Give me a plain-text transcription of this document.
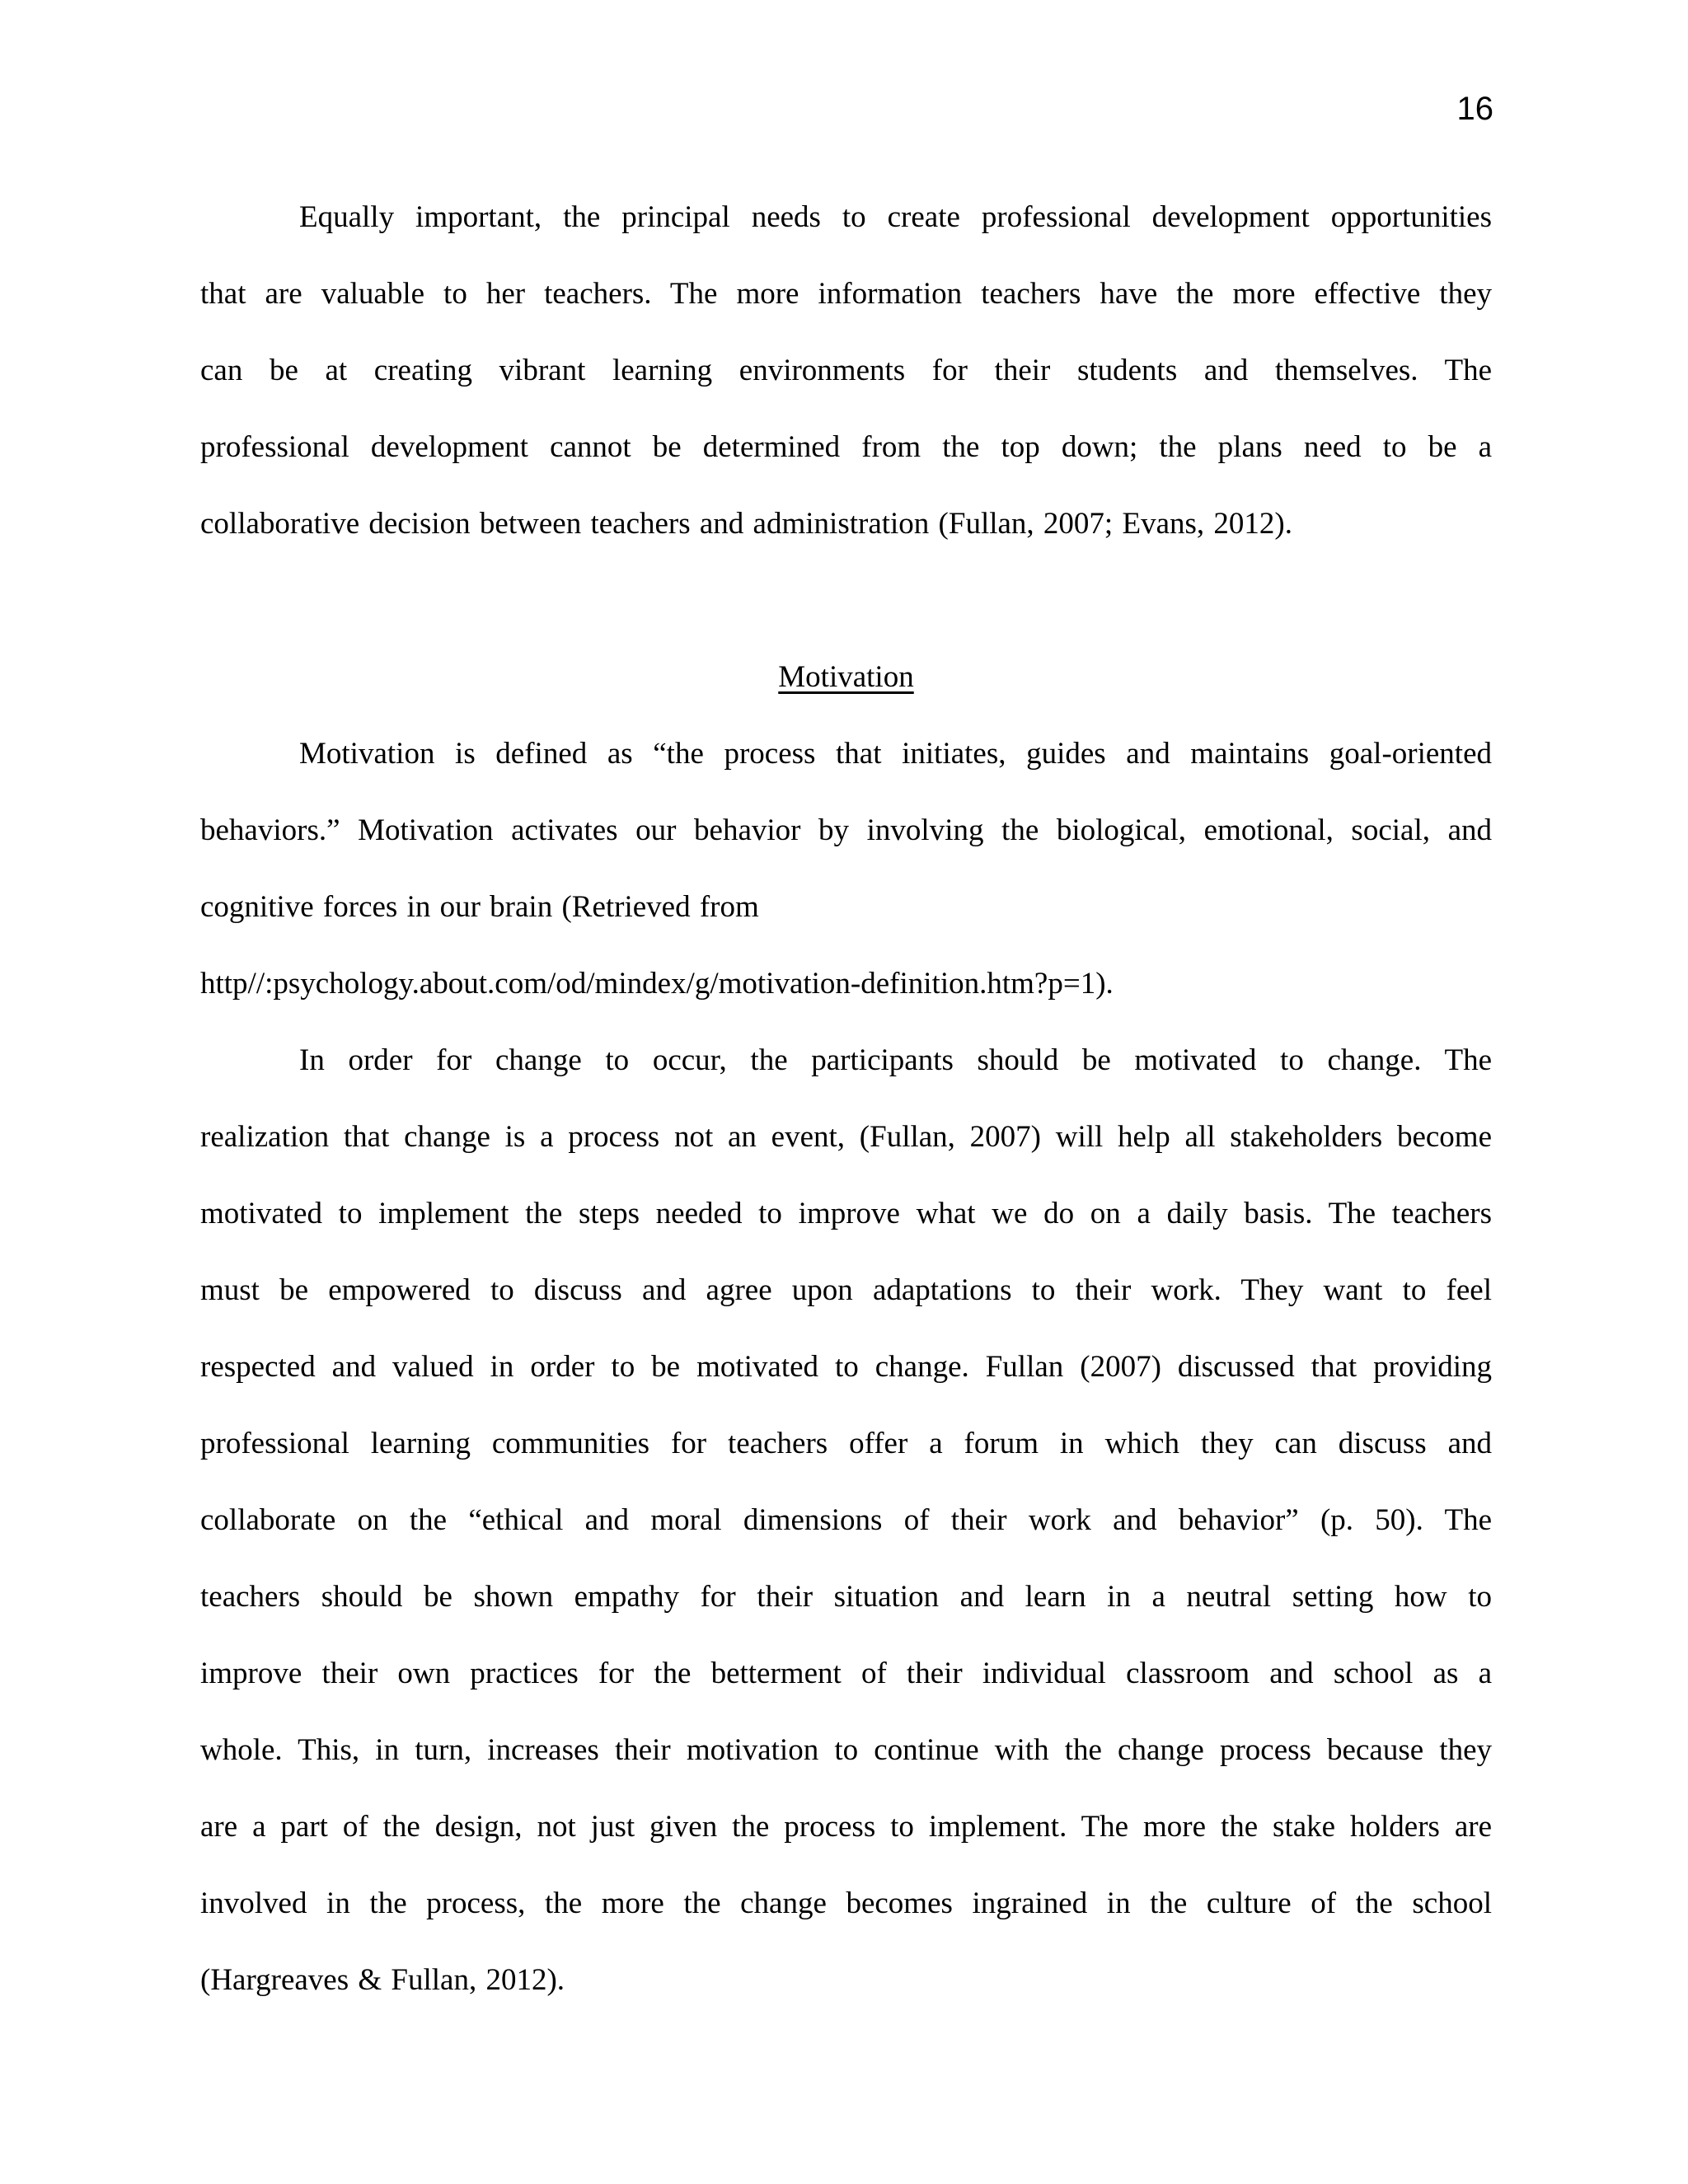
16
Equally important, the principal needs to create professional development opportunities
that are valuable to her teachers. The more information teachers have the more effective they
can be at creating vibrant learning environments for their students and themselves. The
professional development cannot be determined from the top down; the plans need to be a
collaborative decision between teachers and administration (Fullan, 2007; Evans, 2012).
Motivation
Motivation is defined as “the process that initiates, guides and maintains goal-oriented
behaviors.” Motivation activates our behavior by involving the biological, emotional, social, and
cognitive forces in our brain (Retrieved from
http//:psychology.about.com/od/mindex/g/motivation-definition.htm?p=1).
In order for change to occur, the participants should be motivated to change. The
realization that change is a process not an event, (Fullan, 2007) will help all stakeholders become
motivated to implement the steps needed to improve what we do on a daily basis. The teachers
must be empowered to discuss and agree upon adaptations to their work. They want to feel
respected and valued in order to be motivated to change. Fullan (2007) discussed that providing
professional learning communities for teachers offer a forum in which they can discuss and
collaborate on the “ethical and moral dimensions of their work and behavior” (p. 50). The
teachers should be shown empathy for their situation and learn in a neutral setting how to
improve their own practices for the betterment of their individual classroom and school as a
whole. This, in turn, increases their motivation to continue with the change process because they
are a part of the design, not just given the process to implement. The more the stake holders are
involved in the process, the more the change becomes ingrained in the culture of the school
(Hargreaves & Fullan, 2012).
